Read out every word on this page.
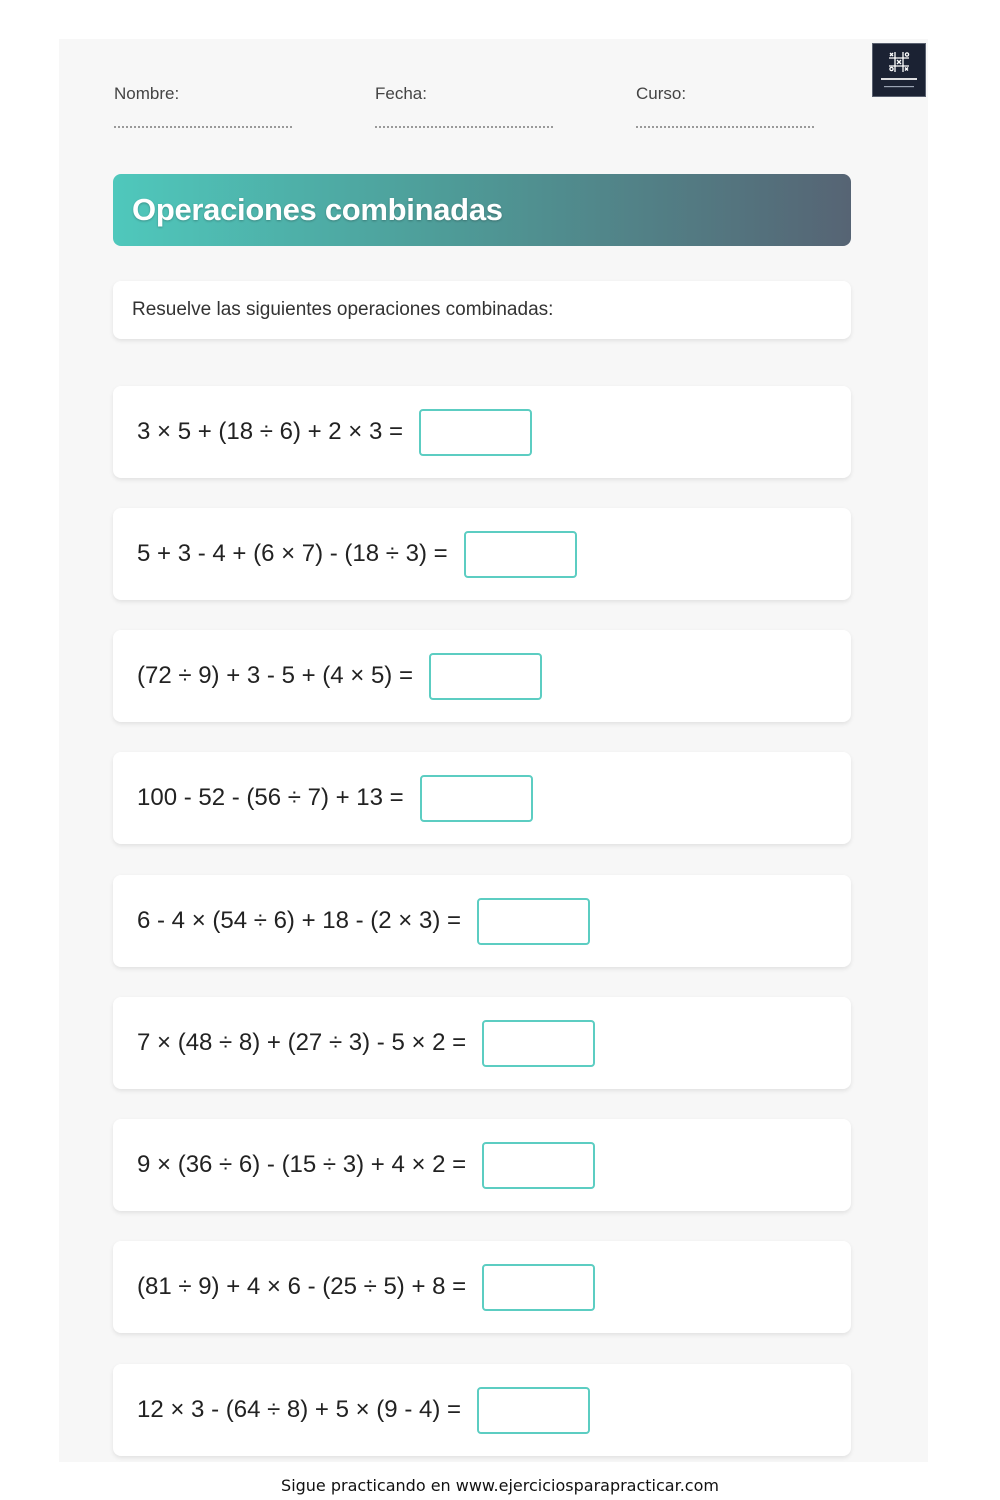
Nombre:	Fecha:	Curso:
Operaciones combinadas
Resuelve las siguientes operaciones combinadas:
3 × 5 + (18 ÷ 6) + 2 × 3 =
5 + 3 - 4 + (6 × 7) - (18 ÷ 3) =
(72 ÷ 9) + 3 - 5 + (4 × 5) =
100 - 52 - (56 ÷ 7) + 13 =
6 - 4 × (54 ÷ 6) + 18 - (2 × 3) =
7 × (48 ÷ 8) + (27 ÷ 3) - 5 × 2 =
9 × (36 ÷ 6) - (15 ÷ 3) + 4 × 2 =
(81 ÷ 9) + 4 × 6 - (25 ÷ 5) + 8 =
12 × 3 - (64 ÷ 8) + 5 × (9 - 4) =
Sigue practicando en www.ejerciciosparapracticar.com
